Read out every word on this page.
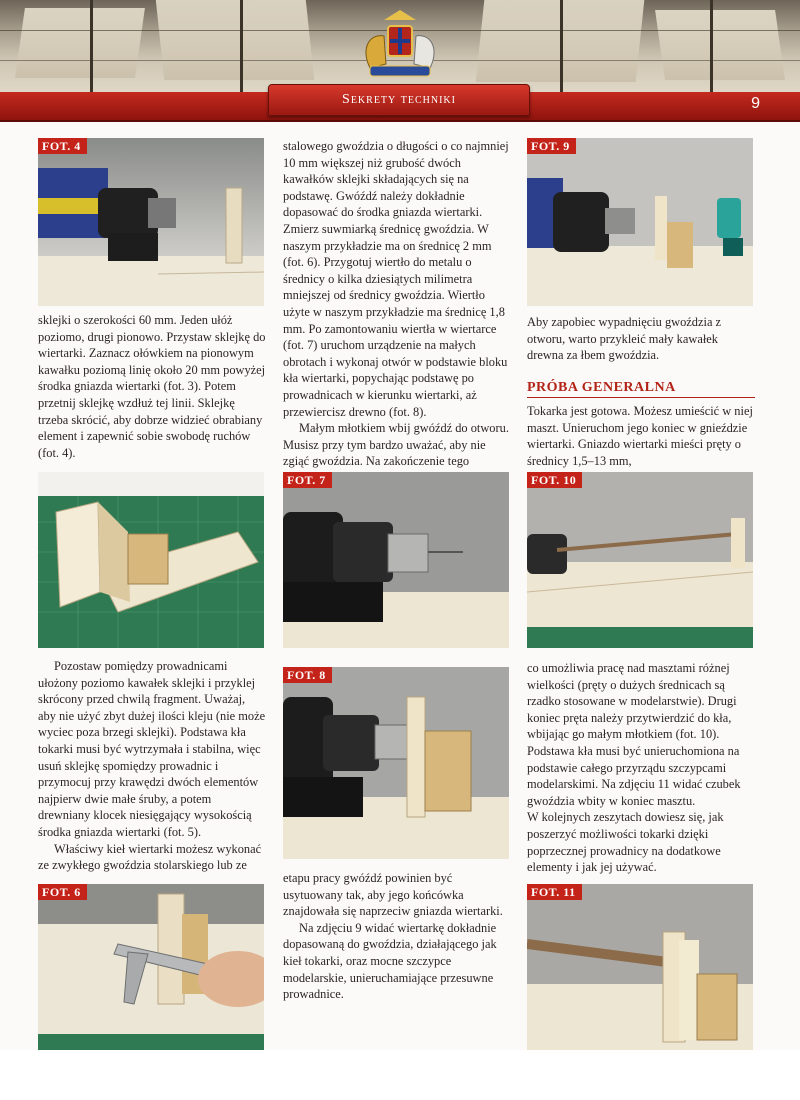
Sekrety techniki	9
FOT. 4

sklejki o szerokości 60 mm. Jeden ułóż poziomo, drugi pionowo. Przystaw sklejkę do wiertarki. Zaznacz ołówkiem na pionowym kawałku poziomą linię około 20 mm powyżej środka gniazda wiertarki (fot. 3). Potem przetnij sklejkę wzdłuż tej linii. Sklejkę trzeba skrócić, aby dobrze widzieć obrabiany element i zapewnić sobie swobodę ruchów (fot. 4).

Pozostaw pomiędzy prowadnicami ułożony poziomo kawałek sklejki i przyklej skrócony przed chwilą fragment. Uważaj, aby nie użyć zbyt dużej ilości kleju (nie może wyciec poza brzegi sklejki). Podstawa kła tokarki musi być wytrzymała i stabilna, więc usuń sklejkę spomiędzy prowadnic i przymocuj przy krawędzi dwóch elementów najpierw dwie małe śruby, a potem drewniany klocek niesięgający wysokością środka gniazda wiertarki (fot. 5).

Właściwy kieł wiertarki możesz wykonać ze zwykłego gwoździa stolarskiego lub ze

FOT. 6

stalowego gwoździa o długości o co najmniej 10 mm większej niż grubość dwóch kawałków sklejki składających się na podstawę. Gwóźdź należy dokładnie dopasować do środka gniazda wiertarki. Zmierz suwmiarką średnicę gwoździa. W naszym przykładzie ma on średnicę 2 mm (fot. 6). Przygotuj wiertło do metalu o średnicy o kilka dziesiątych milimetra mniejszej od średnicy gwoździa. Wiertło użyte w naszym przykładzie ma średnicę 1,8 mm. Po zamontowaniu wiertła w wiertarce (fot. 7) uruchom urządzenie na małych obrotach i wykonaj otwór w podstawie bloku kła wiertarki, popychając podstawę po prowadnicach w kierunku wiertarki, aż przewiercisz drewno (fot. 8).

Małym młotkiem wbij gwóźdź do otworu. Musisz przy tym bardzo uważać, aby nie zgiąć gwoździa. Na zakończenie tego

FOT. 7
FOT. 8

etapu pracy gwóźdź powinien być usytuowany tak, aby jego końcówka znajdowała się naprzeciw gniazda wiertarki.

Na zdjęciu 9 widać wiertarkę dokładnie dopasowaną do gwoździa, działającego jak kieł tokarki, oraz mocne szczypce modelarskie, unieruchamiające przesuwne prowadnice.

FOT. 9

Aby zapobiec wypadnięciu gwoździa z otworu, warto przykleić mały kawałek drewna za łbem gwoździa.

PRÓBA GENERALNA

Tokarka jest gotowa. Możesz umieścić w niej maszt. Unieruchom jego koniec w gnieździe wiertarki. Gniazdo wiertarki mieści pręty o średnicy 1,5–13 mm,

FOT. 10

co umożliwia pracę nad masztami różnej wielkości (pręty o dużych średnicach są rzadko stosowane w modelarstwie). Drugi koniec pręta należy przytwierdzić do kła, wbijając go małym młotkiem (fot. 10). Podstawa kła musi być unieruchomiona na podstawie całego przyrządu szczypcami modelarskimi. Na zdjęciu 11 widać czubek gwoździa wbity w koniec masztu.

W kolejnych zeszytach dowiesz się, jak poszerzyć możliwości tokarki dzięki poprzecznej prowadnicy na dodatkowe elementy i jak jej używać.

FOT. 11
